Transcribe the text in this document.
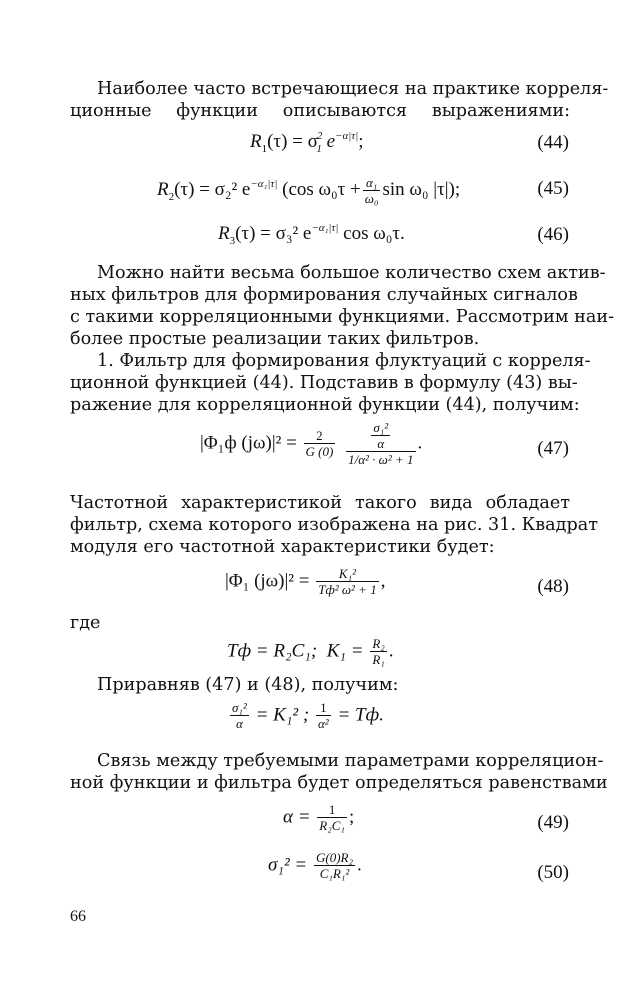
Наиболее часто встречающиеся на практике корреля-
ционные функции описываются выражениями:
$R_1(\tau) = \sigma^2_1$ $e^{-\alpha|\tau|}$;	(44)
$R_2(\tau) = \sigma_2^2$ $e^{-\alpha_1|\tau|}$ (cos $\omega_0\tau + \frac{\text{α₁}}{\text{ω₀}}$ sin ω₀ |τ|);	(45)
$R_3(\tau) = \sigma_3^2$ $e^{-\alpha_1|\tau|}$ cos ω₀τ.	(46)
Можно найти весьма большое количество схем актив-
ных фильтров для формирования случайных сигналов
с такими корреляционными функциями. Рассмотрим наи-
более простые реализации таких фильтров.
1. Фильтр для формирования флуктуаций с корреля-
ционной функцией (44). Подставив в формулу (43) вы-
ражение для корреляционной функции (44), получим:
|Φ₁ф $(j\omega)|^2 = \frac{2}{G (0)}$
$\frac{\frac{\text{σ₁²}}{\alpha}}{\text{1/α² · ω² + 1}}$ .	(47)
Частотной характеристикой такого вида обладает
фильтр, схема которого изображена на рис. 31. Квадрат
модуля его частотной характеристики будет:
|Φ₁ $(j\omega)|^2 = \frac{\text{K₁²}}{\text{Tф² ω² + 1}}$ ,	(48)
где
Tф = R₂C₁; $K_1 = \frac{\text{R₂}}{\text{R₁}}$ .
Приравняв (47) и (48), получим:
$\frac{\text{σ₁²}}{\alpha} = K_1^2$ ; $\frac{1}{\text{α²}}$ = Tф.
Связь между требуемыми параметрами корреляцион-
ной функции и фильтра будет определяться равенствами
$\alpha = \frac{1}{\text{R₂C₁}}$ ;	(49)
$\sigma_1^2 = \frac{\text{G(0)R₂}}{\text{C₁R₁²}}$ .	(50)
66
